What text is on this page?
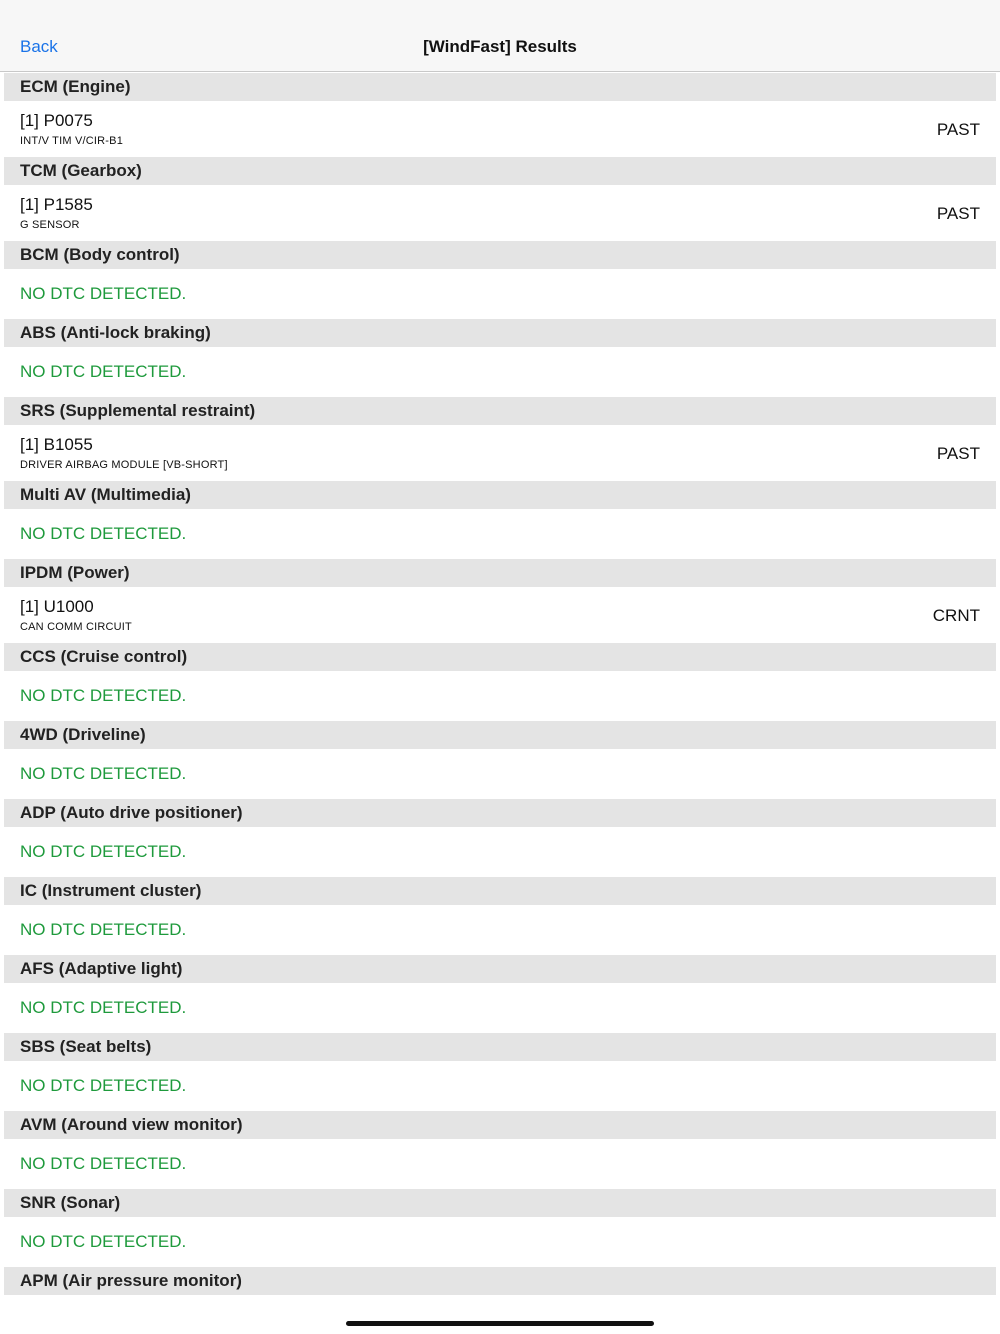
Back	[WindFast] Results
ECM (Engine)
[1] P0075
INT/V TIM V/CIR-B1
PAST
TCM (Gearbox)
[1] P1585
G SENSOR
PAST
BCM (Body control)
NO DTC DETECTED.
ABS (Anti-lock braking)
NO DTC DETECTED.
SRS (Supplemental restraint)
[1] B1055
DRIVER AIRBAG MODULE [VB-SHORT]
PAST
Multi AV (Multimedia)
NO DTC DETECTED.
IPDM (Power)
[1] U1000
CAN COMM CIRCUIT
CRNT
CCS (Cruise control)
NO DTC DETECTED.
4WD (Driveline)
NO DTC DETECTED.
ADP (Auto drive positioner)
NO DTC DETECTED.
IC (Instrument cluster)
NO DTC DETECTED.
AFS (Adaptive light)
NO DTC DETECTED.
SBS (Seat belts)
NO DTC DETECTED.
AVM (Around view monitor)
NO DTC DETECTED.
SNR (Sonar)
NO DTC DETECTED.
APM (Air pressure monitor)
